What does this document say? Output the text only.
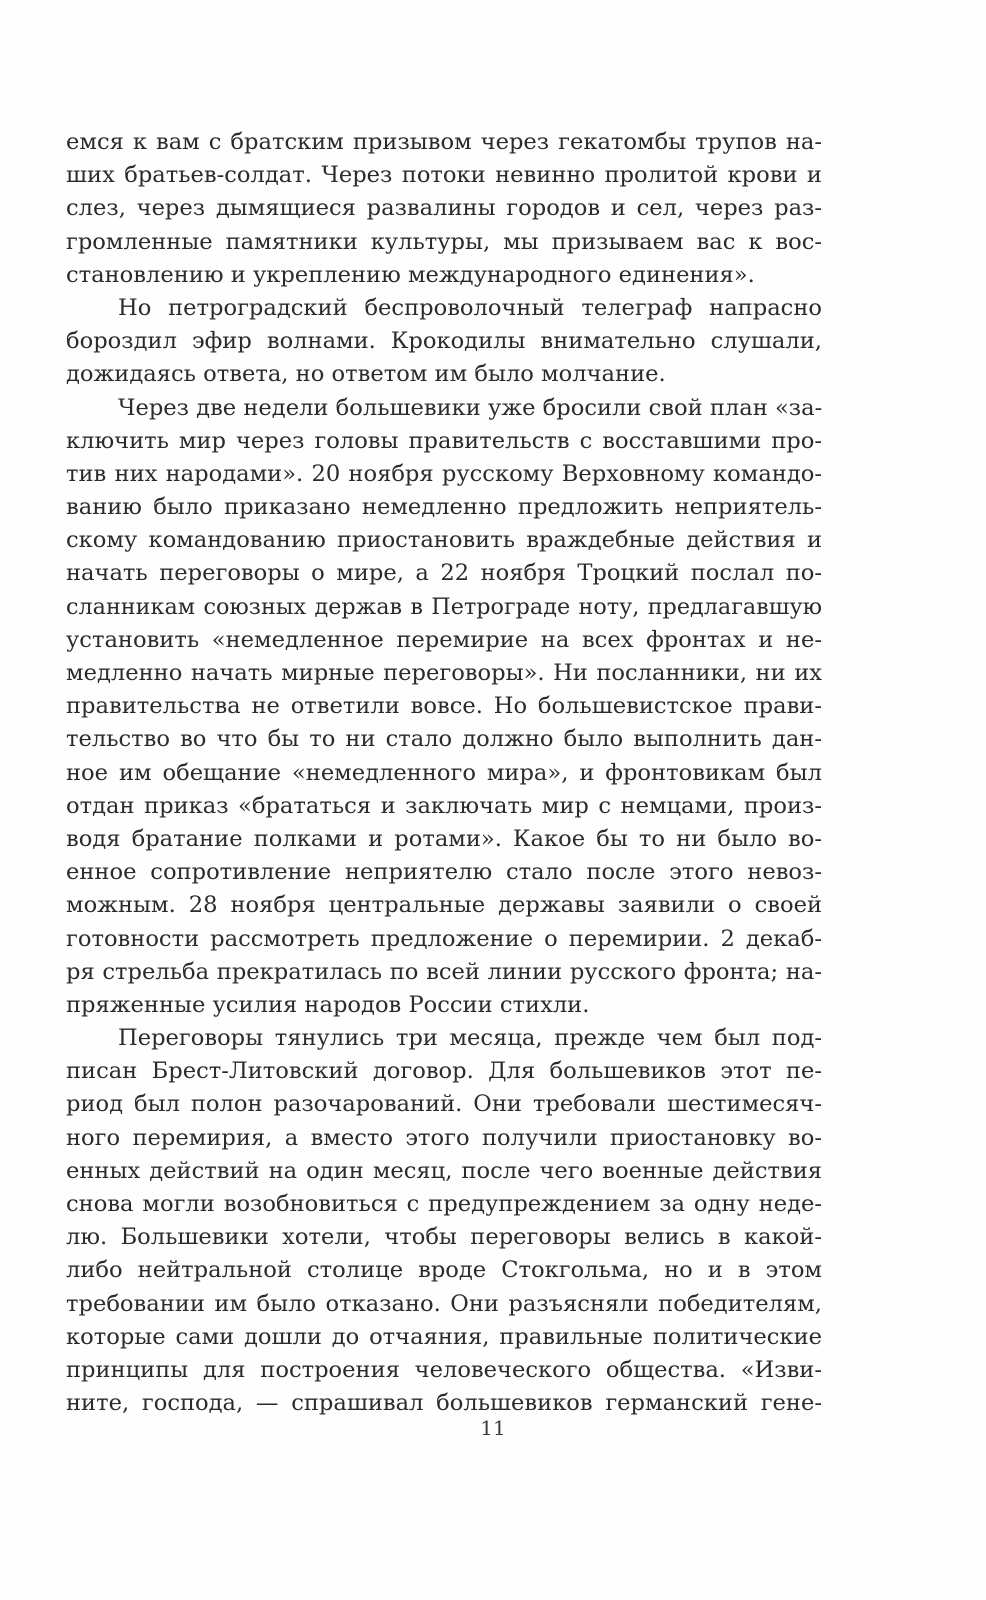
емся к вам с братским призывом через гекатомбы трупов на-
ших братьев-солдат. Через потоки невинно пролитой крови и
слез, через дымящиеся развалины городов и сел, через раз-
громленные памятники культуры, мы призываем вас к вос-
становлению и укреплению международного единения».
Но петроградский беспроволочный телеграф напрасно
бороздил эфир волнами. Крокодилы внимательно слушали,
дожидаясь ответа, но ответом им было молчание.
Через две недели большевики уже бросили свой план «за-
ключить мир через головы правительств с восставшими про-
тив них народами». 20 ноября русскому Верховному командо-
ванию было приказано немедленно предложить неприятель-
скому командованию приостановить враждебные действия и
начать переговоры о мире, а 22 ноября Троцкий послал по-
сланникам союзных держав в Петрограде ноту, предлагавшую
установить «немедленное перемирие на всех фронтах и не-
медленно начать мирные переговоры». Ни посланники, ни их
правительства не ответили вовсе. Но большевистское прави-
тельство во что бы то ни стало должно было выполнить дан-
ное им обещание «немедленного мира», и фронтовикам был
отдан приказ «брататься и заключать мир с немцами, произ-
водя братание полками и ротами». Какое бы то ни было во-
енное сопротивление неприятелю стало после этого невоз-
можным. 28 ноября центральные державы заявили о своей
готовности рассмотреть предложение о перемирии. 2 декаб-
ря стрельба прекратилась по всей линии русского фронта; на-
пряженные усилия народов России стихли.
Переговоры тянулись три месяца, прежде чем был под-
писан Брест-Литовский договор. Для большевиков этот пе-
риод был полон разочарований. Они требовали шестимесяч-
ного перемирия, а вместо этого получили приостановку во-
енных действий на один месяц, после чего военные действия
снова могли возобновиться с предупреждением за одну неде-
лю. Большевики хотели, чтобы переговоры велись в какой-
либо нейтральной столице вроде Стокгольма, но и в этом
требовании им было отказано. Они разъясняли победителям,
которые сами дошли до отчаяния, правильные политические
принципы для построения человеческого общества. «Изви-
ните, господа, — спрашивал большевиков германский гене-
11
